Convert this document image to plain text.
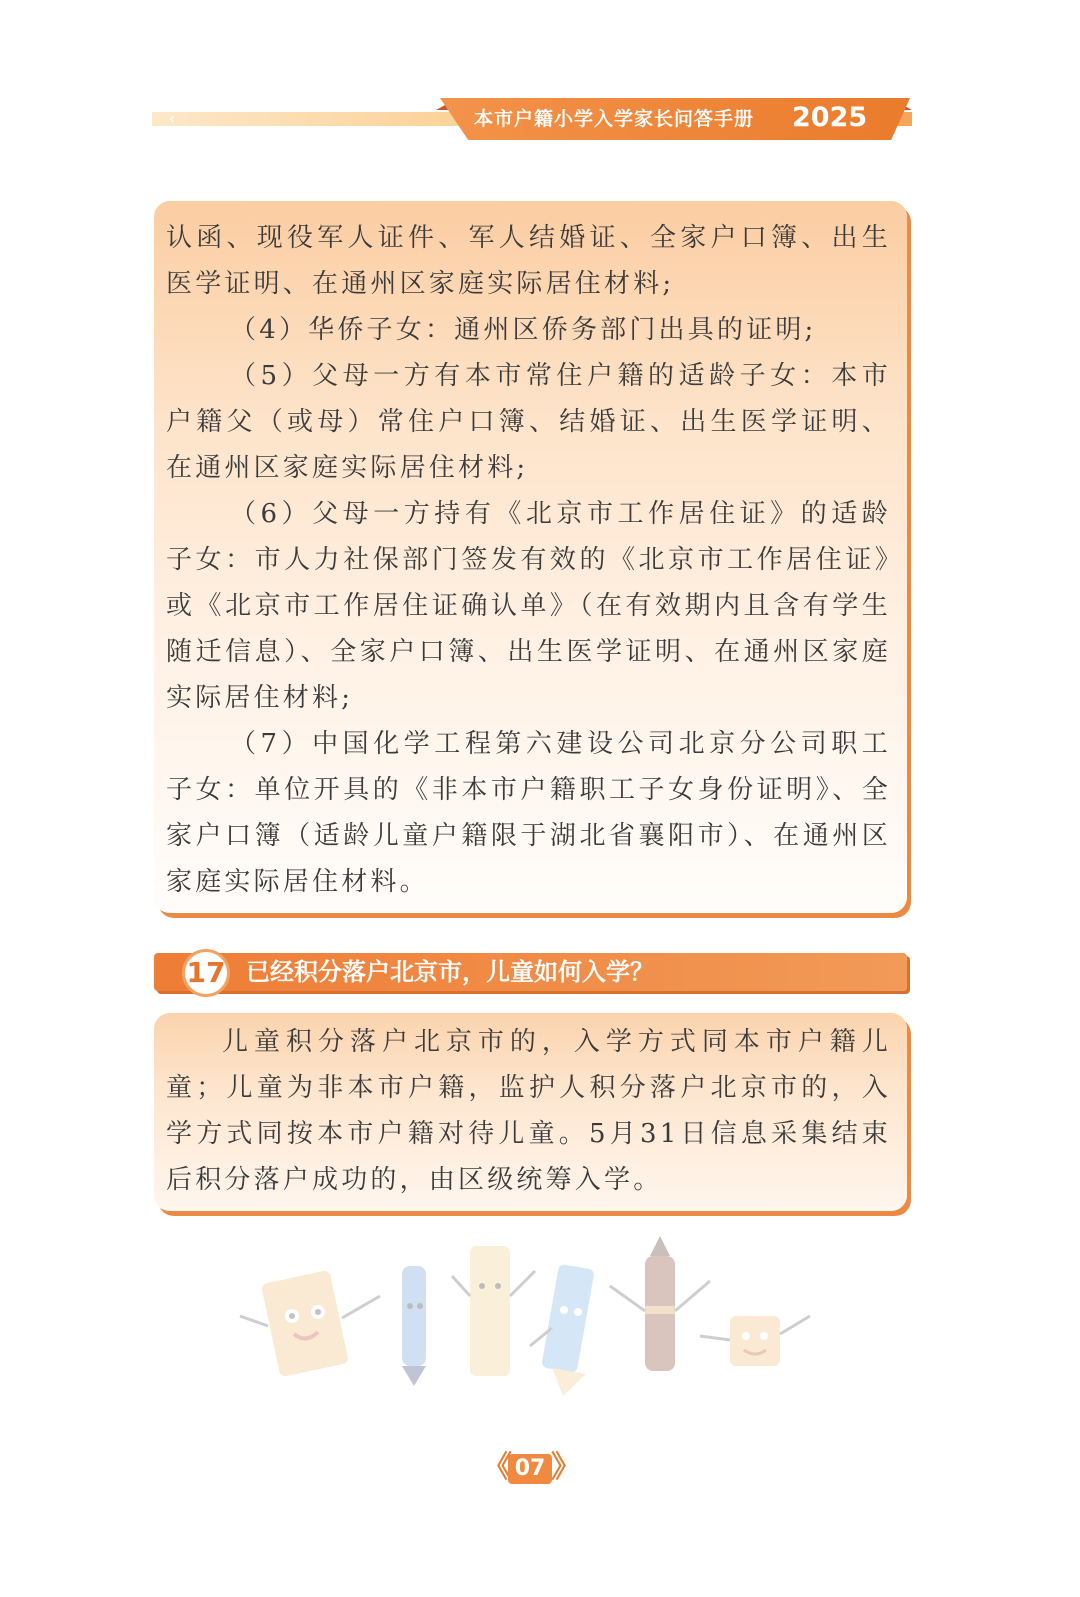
‹	本市户籍小学入学家长问答手册 2025

认函、现役军人证件、军人结婚证、全家户口簿、出生医学证明、在通州区家庭实际居住材料;

（4）华侨子女：通州区侨务部门出具的证明;

（5）父母一方有本市常住户籍的适龄子女：本市户籍父（或母）常住户口簿、结婚证、出生医学证明、在通州区家庭实际居住材料;

（6）父母一方持有《北京市工作居住证》的适龄子女：市人力社保部门签发有效的《北京市工作居住证》或《北京市工作居住证确认单》（在有效期内且含有学生随迁信息）、全家户口簿、出生医学证明、在通州区家庭实际居住材料;

（7）中国化学工程第六建设公司北京分公司职工子女：单位开具的《非本市户籍职工子女身份证明》、全家户口簿（适龄儿童户籍限于湖北省襄阳市）、在通州区家庭实际居住材料。

17 已经积分落户北京市，儿童如何入学？

儿童积分落户北京市的，入学方式同本市户籍儿童；儿童为非本市户籍，监护人积分落户北京市的，入学方式同按本市户籍对待儿童。5月31日信息采集结束后积分落户成功的，由区级统筹入学。

《 07 》
